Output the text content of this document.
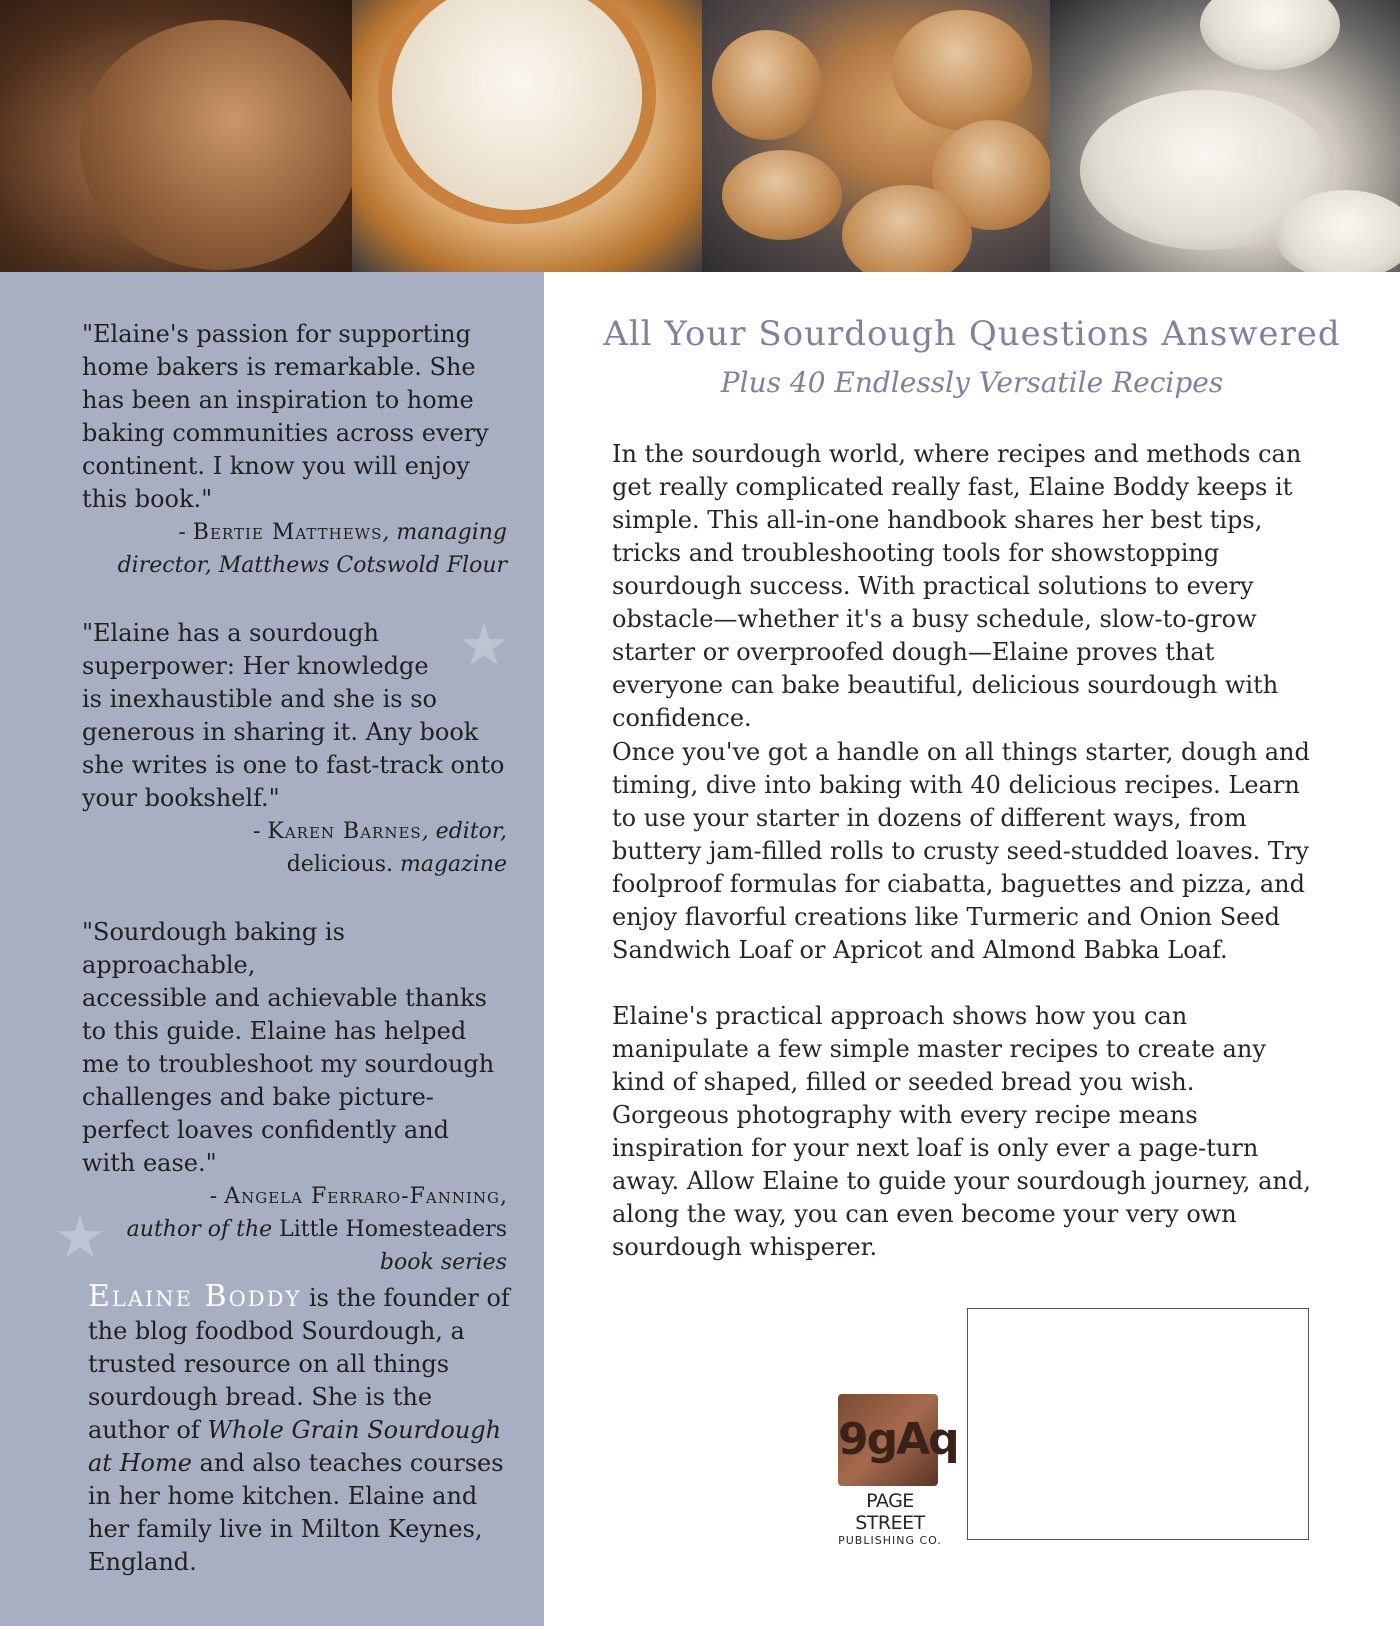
★
★

"Elaine's passion for supporting
home bakers is remarkable. She
has been an inspiration to home
baking communities across every
continent. I know you will enjoy
this book."

- Bertie Matthews, managing
director, Matthews Cotswold Flour

"Elaine has a sourdough
superpower: Her knowledge
is inexhaustible and she is so
generous in sharing it. Any book
she writes is one to fast-track onto
your bookshelf."

- Karen Barnes, editor,
delicious. magazine

"Sourdough baking is approachable,
accessible and achievable thanks
to this guide. Elaine has helped
me to troubleshoot my sourdough
challenges and bake picture-
perfect loaves confidently and
with ease."

- Angela Ferraro-Fanning,
author of the Little Homesteaders
book series

Elaine Boddy is the founder of the blog foodbod Sourdough, a trusted resource on all things sourdough bread. She is the author of Whole Grain Sourdough at Home and also teaches courses in her home kitchen. Elaine and her family live in Milton Keynes, England.

All Your Sourdough Questions Answered
Plus 40 Endlessly Versatile Recipes

In the sourdough world, where recipes and methods can get really complicated really fast, Elaine Boddy keeps it simple. This all-in-one handbook shares her best tips, tricks and troubleshooting tools for showstopping sourdough success. With practical solutions to every obstacle—whether it's a busy schedule, slow-to-grow starter or overproofed dough—Elaine proves that everyone can bake beautiful, delicious sourdough with confidence.

Once you've got a handle on all things starter, dough and timing, dive into baking with 40 delicious recipes. Learn to use your starter in dozens of different ways, from buttery jam-filled rolls to crusty seed-studded loaves. Try foolproof formulas for ciabatta, baguettes and pizza, and enjoy flavorful creations like Turmeric and Onion Seed Sandwich Loaf or Apricot and Almond Babka Loaf.

Elaine's practical approach shows how you can manipulate a few simple master recipes to create any kind of shaped, filled or seeded bread you wish. Gorgeous photography with every recipe means inspiration for your next loaf is only ever a page-turn away. Allow Elaine to guide your sourdough journey, and, along the way, you can even become your very own sourdough whisperer.

9gAq
PAGE STREET
PUBLISHING CO.
